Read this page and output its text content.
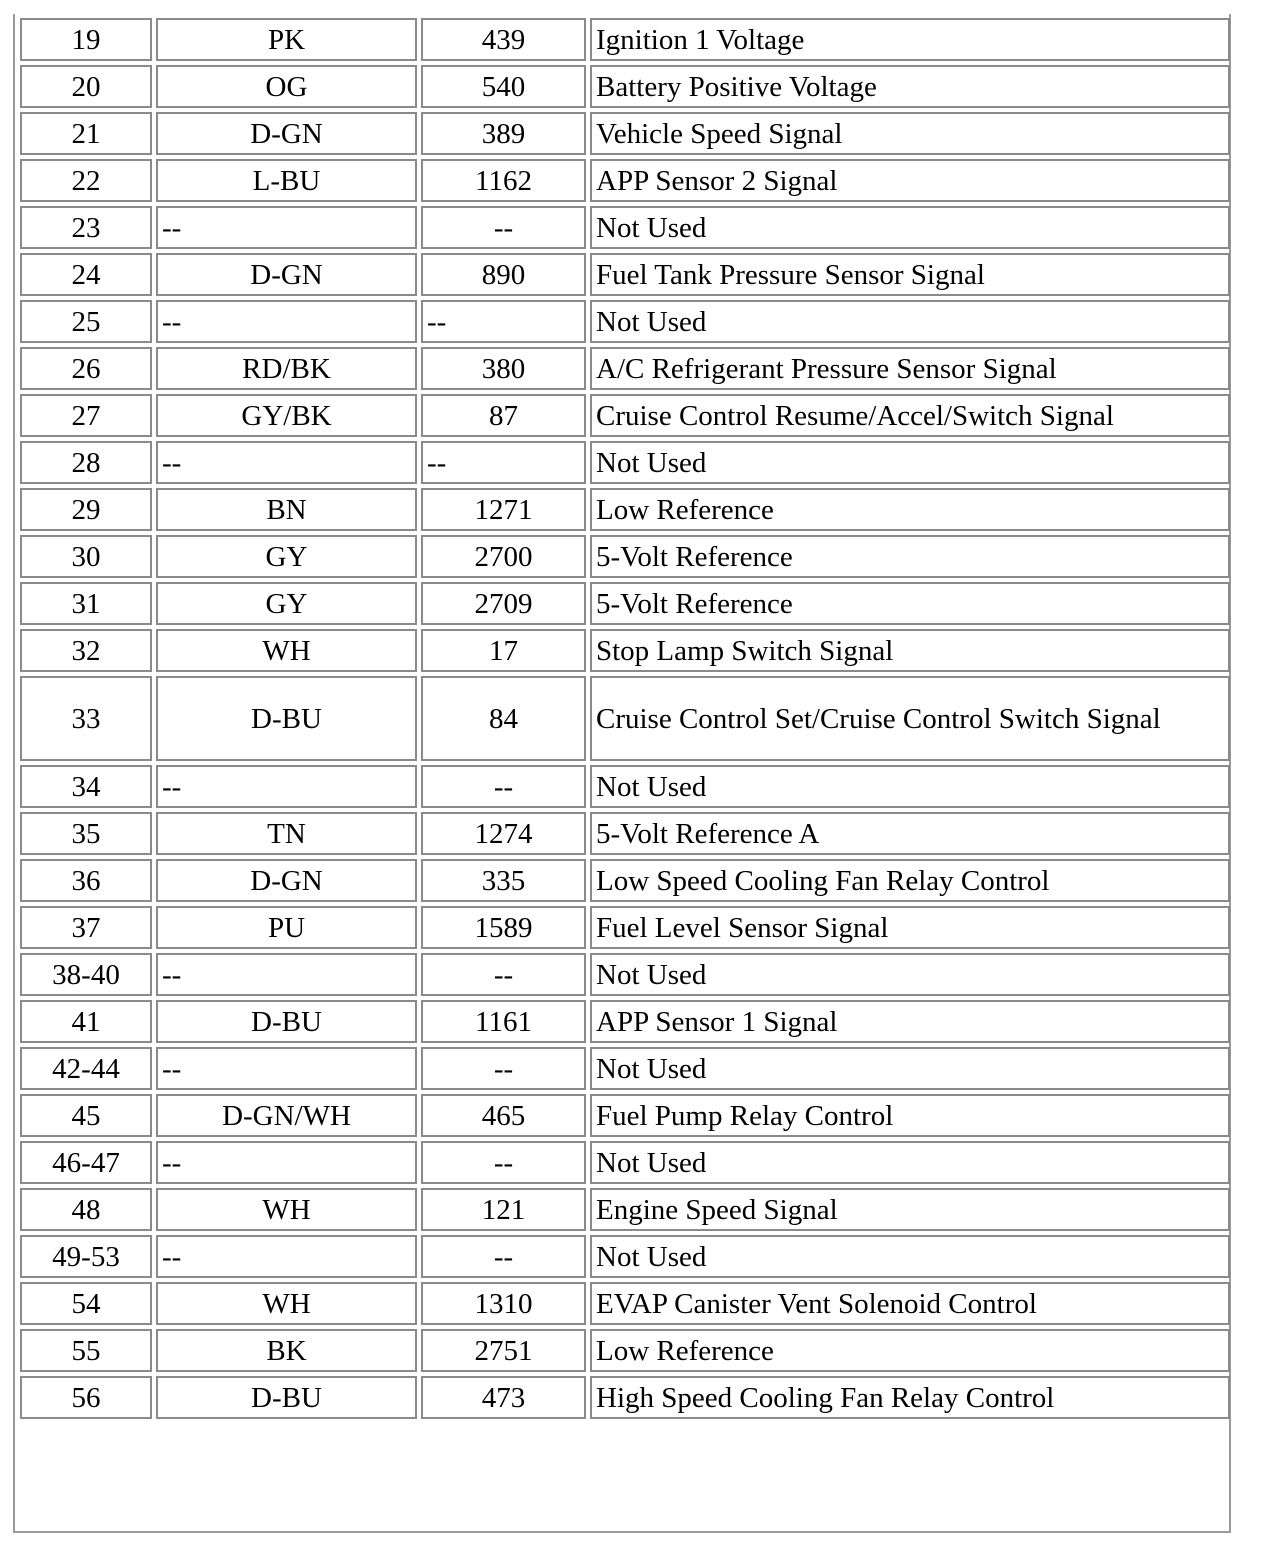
19	PK	439	Ignition 1 Voltage
20	OG	540	Battery Positive Voltage
21	D-GN	389	Vehicle Speed Signal
22	L-BU	1162	APP Sensor 2 Signal
23	--	--	Not Used
24	D-GN	890	Fuel Tank Pressure Sensor Signal
25	--	--	Not Used
26	RD/BK	380	A/C Refrigerant Pressure Sensor Signal
27	GY/BK	87	Cruise Control Resume/Accel/Switch Signal
28	--	--	Not Used
29	BN	1271	Low Reference
30	GY	2700	5-Volt Reference
31	GY	2709	5-Volt Reference
32	WH	17	Stop Lamp Switch Signal
33	D-BU	84	Cruise Control Set/Cruise Control Switch Signal
34	--	--	Not Used
35	TN	1274	5-Volt Reference A
36	D-GN	335	Low Speed Cooling Fan Relay Control
37	PU	1589	Fuel Level Sensor Signal
38-40	--	--	Not Used
41	D-BU	1161	APP Sensor 1 Signal
42-44	--	--	Not Used
45	D-GN/WH	465	Fuel Pump Relay Control
46-47	--	--	Not Used
48	WH	121	Engine Speed Signal
49-53	--	--	Not Used
54	WH	1310	EVAP Canister Vent Solenoid Control
55	BK	2751	Low Reference
56	D-BU	473	High Speed Cooling Fan Relay Control
